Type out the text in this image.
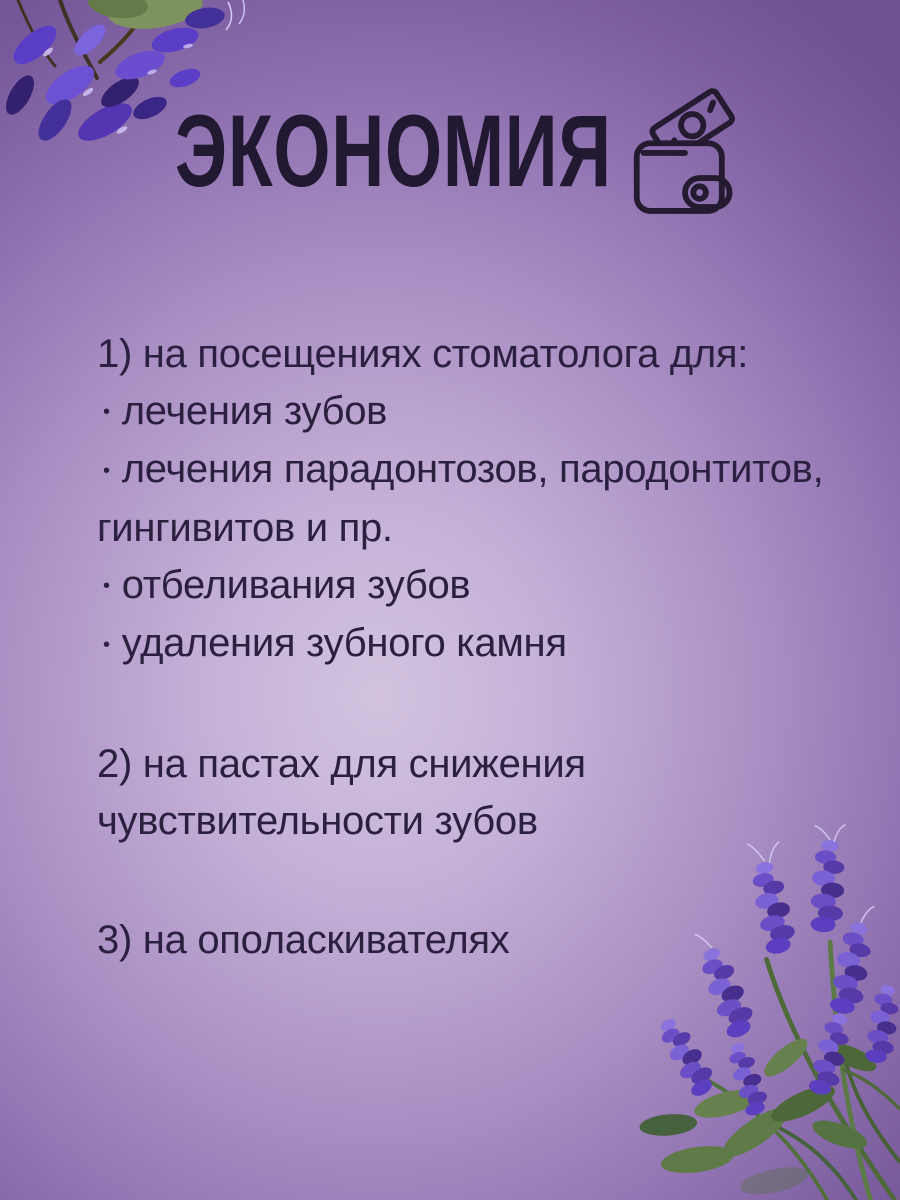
ЭКОНОМИЯ

1) на посещениях стоматолога для:

• лечения зубов
• лечения парадонтозов, пародонтитов, гингивитов и пр.
• отбеливания зубов
• удаления зубного камня

2) на пастах для снижения чувствительности зубов

3) на ополаскивателях
